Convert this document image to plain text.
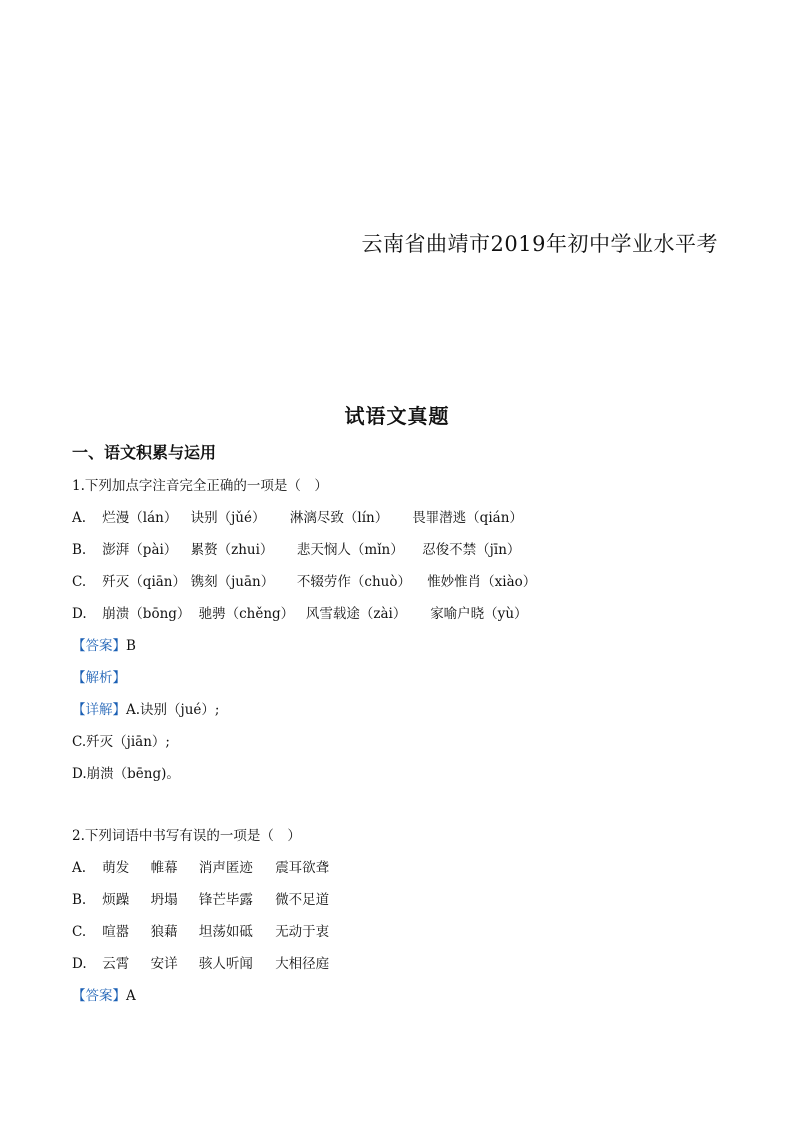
云南省曲靖市2019年初中学业水平考
试语文真题
一、语文积累与运用
1.下列加点字注音完全正确的一项是（　）
A. 烂漫（lán） 诀别（jǔé） 淋漓尽致（lín） 畏罪潜逃（qián）
B. 澎湃（pài） 累赘（zhui） 悲天悯人（mǐn） 忍俊不禁（jīn）
C. 歼灭（qiān） 镌刻（juān） 不辍劳作（chuò） 惟妙惟肖（xiào）
D. 崩溃（bōng） 驰骋（chěng） 风雪载途（zài） 家喻户晓（yù）
【答案】B
【解析】
【详解】A.诀别（jué）;
C.歼灭（jiān）;
D.崩溃（bēng)。
2.下列词语中书写有误的一项是（　）
A. 萌发 帷幕 消声匿迹 震耳欲聋
B. 烦躁 坍塌 锋芒毕露 微不足道
C. 喧嚣 狼藉 坦荡如砥 无动于衷
D. 云霄 安详 骇人听闻 大相径庭
【答案】A
